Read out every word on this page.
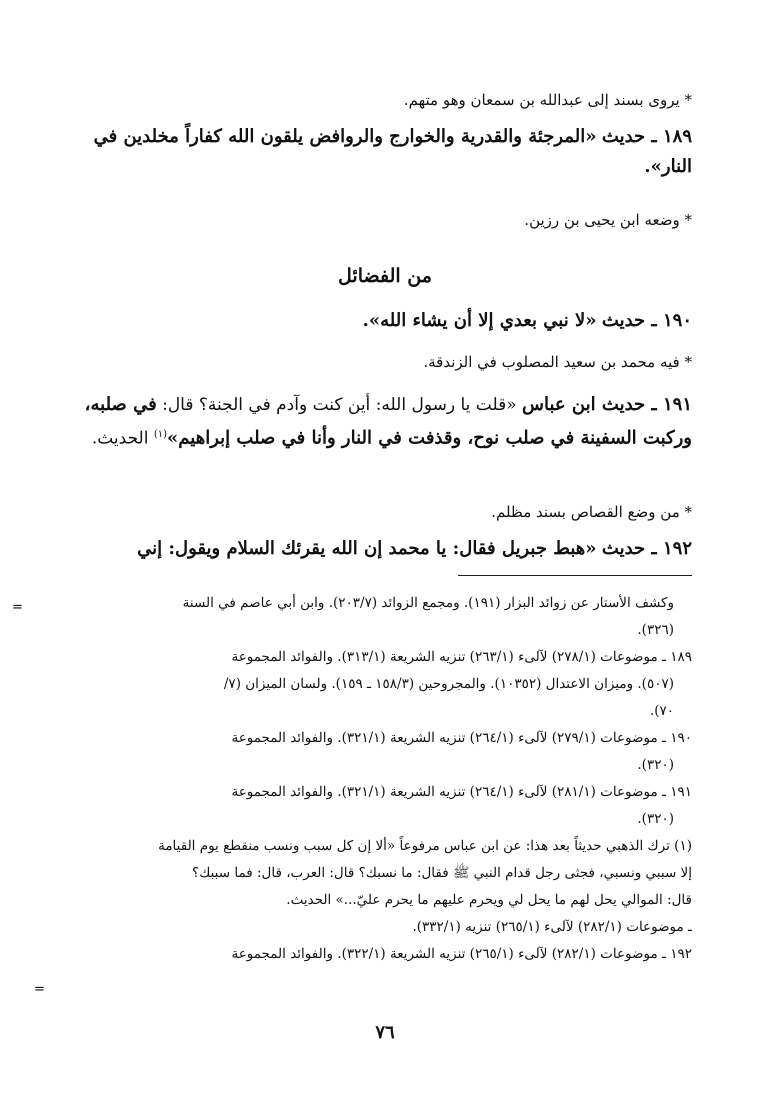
* يروى بسند إلى عبدالله بن سمعان وهو متهم.

١٨٩ ـ حديث «المرجئة والقدرية والخوارج والروافض يلقون الله كفاراً مخلدين في النار».

* وضعه ابن يحيى بن رزين.

من الفضائل

١٩٠ ـ حديث «لا نبي بعدي إلا أن يشاء الله».

* فيه محمد بن سعيد المصلوب في الزندقة.

١٩١ ـ حديث ابن عباس «قلت يا رسول الله: أين كنت وآدم في الجنة؟ قال: في صلبه، وركبت السفينة في صلب نوح، وقذفت في النار وأنا في صلب إبراهيم»$^{(١)}$ الحديث.

* من وضع القصاص بسند مظلم.

١٩٢ ـ حديث «هبط جبريل فقال: يا محمد إن الله يقرئك السلام ويقول: إني

وكشف الأستار عن زوائد البزار (١٩١). ومجمع الزوائد (٢٠٣/٧). وابن أبي عاصم في السنة
(٣٢٦).
١٨٩ ـ موضوعات (٢٧٨/١) لآلىء (٢٦٣/١) تنزيه الشريعة (٣١٣/١). والفوائد المجموعة
(٥٠٧). وميزان الاعتدال (١٠٣٥٢). والمجروحين (١٥٨/٣ ـ ١٥٩). ولسان الميزان (٧/
٧٠).
١٩٠ ـ موضوعات (٢٧٩/١) لآلىء (٢٦٤/١) تنزيه الشريعة (٣٢١/١). والفوائد المجموعة
(٣٢٠).
١٩١ ـ موضوعات (٢٨١/١) لآلىء (٢٦٤/١) تنزيه الشريعة (٣٢١/١). والفوائد المجموعة
(٣٢٠).
(١) ترك الذهبي حديثاً بعد هذا: عن ابن عباس مرفوعاً «ألا إن كل سبب ونسب منقطع يوم القيامة
إلا سببي ونسبي، فجثى رجل قدام النبي ﷺ فقال: ما نسبك؟ قال: العرب، قال: فما سببك؟
قال: الموالي يحل لهم ما يحل لي ويحرم عليهم ما يحرم عليّ...» الحديث.
ـ موضوعات (٢٨٢/١) لآلىء (٢٦٥/١) تنزيه (٣٣٢/١).
١٩٢ ـ موضوعات (٢٨٢/١) لآلىء (٢٦٥/١) تنزيه الشريعة (٣٢٢/١). والفوائد المجموعة
=
=
٧٦
